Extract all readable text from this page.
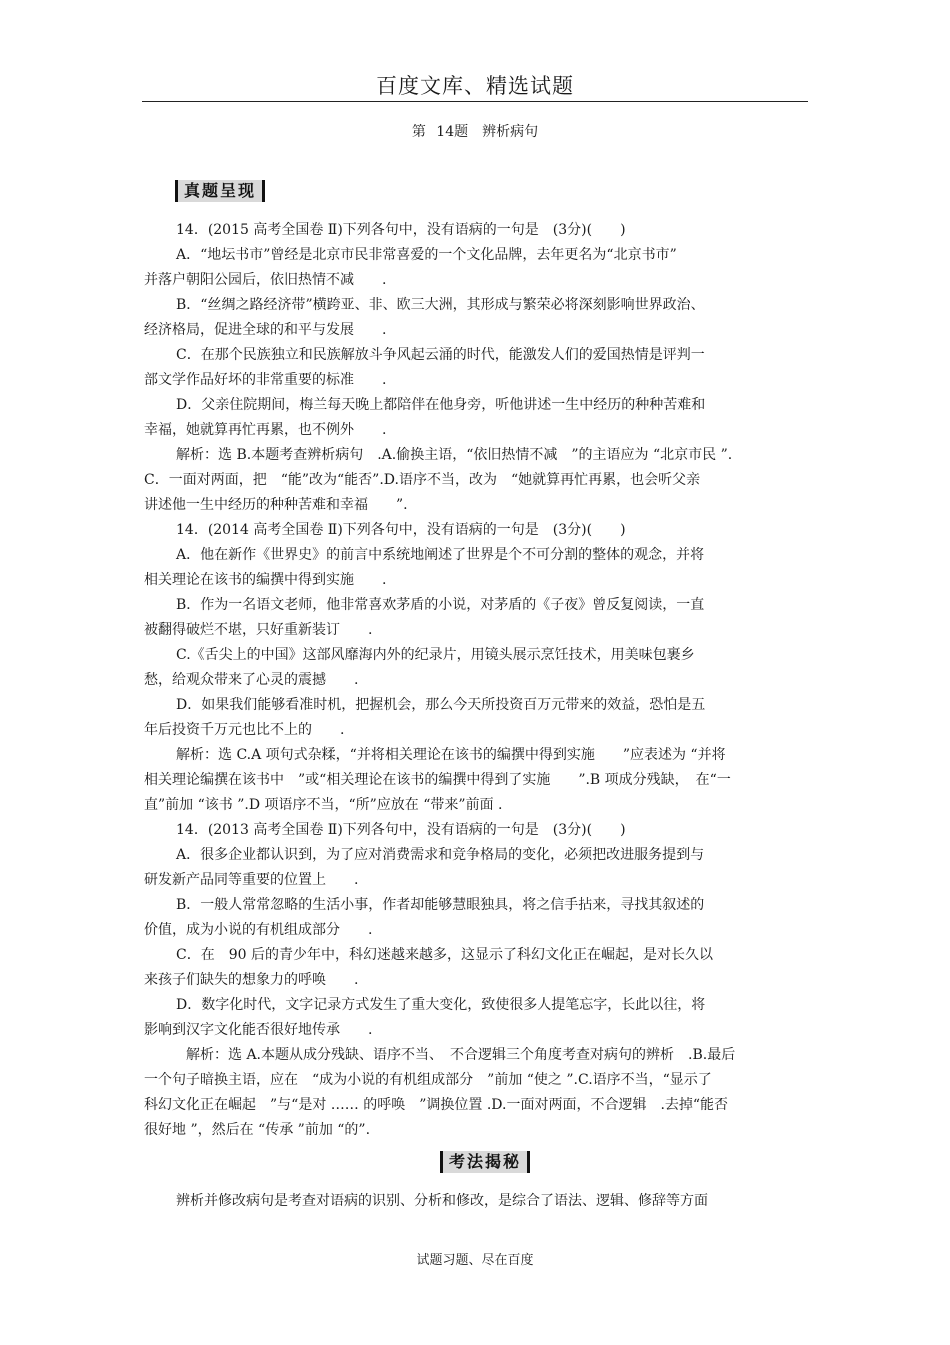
百度文库、精选试题
第 14题　辨析病句
真题呈现

14．(2015 高考全国卷 Ⅱ)下列各句中，没有语病的一句是　(3分)(　　)

A．“地坛书市”曾经是北京市民非常喜爱的一个文化品牌，去年更名为“北京书市”

并落户朝阳公园后，依旧热情不减　　.

B．“丝绸之路经济带”横跨亚、非、欧三大洲，其形成与繁荣必将深刻影响世界政治、

经济格局，促进全球的和平与发展　　.

C．在那个民族独立和民族解放斗争风起云涌的时代，能激发人们的爱国热情是评判一

部文学作品好坏的非常重要的标准　　.

D．父亲住院期间，梅兰每天晚上都陪伴在他身旁，听他讲述一生中经历的种种苦难和

幸福，她就算再忙再累，也不例外　　.

解析：选 B.本题考查辨析病句　.A.偷换主语，“依旧热情不减　”的主语应为 “北京市民 ”.

C．一面对两面，把　“能”改为“能否”.D.语序不当，改为　“她就算再忙再累，也会听父亲

讲述他一生中经历的种种苦难和幸福　　”.

14．(2014 高考全国卷 Ⅱ)下列各句中，没有语病的一句是　(3分)(　　)

A．他在新作《世界史》的前言中系统地阐述了世界是个不可分割的整体的观念，并将

相关理论在该书的编撰中得到实施　　.

B．作为一名语文老师，他非常喜欢茅盾的小说，对茅盾的《子夜》曾反复阅读，一直

被翻得破烂不堪，只好重新装订　　.

C.《舌尖上的中国》这部风靡海内外的纪录片，用镜头展示烹饪技术，用美味包裹乡

愁，给观众带来了心灵的震撼　　.

D．如果我们能够看准时机，把握机会，那么今天所投资百万元带来的效益，恐怕是五

年后投资千万元也比不上的　　.

解析：选 C.A 项句式杂糅，“并将相关理论在该书的编撰中得到实施　　”应表述为 “并将

相关理论编撰在该书中　”或“相关理论在该书的编撰中得到了实施　　”.B 项成分残缺，　在“一

直”前加 “该书 ”.D 项语序不当，“所”应放在 “带来”前面 .

14．(2013 高考全国卷 Ⅱ)下列各句中，没有语病的一句是　(3分)(　　)

A．很多企业都认识到，为了应对消费需求和竞争格局的变化，必须把改进服务提到与

研发新产品同等重要的位置上　　.

B．一般人常常忽略的生活小事，作者却能够慧眼独具，将之信手拈来，寻找其叙述的

价值，成为小说的有机组成部分　　.

C．在　90 后的青少年中，科幻迷越来越多，这显示了科幻文化正在崛起，是对长久以

来孩子们缺失的想象力的呼唤　　.

D．数字化时代，文字记录方式发生了重大变化，致使很多人提笔忘字，长此以往，将

影响到汉字文化能否很好地传承　　.

解析：选 A.本题从成分残缺、语序不当、　不合逻辑三个角度考查对病句的辨析　.B.最后

一个句子暗换主语，应在　“成为小说的有机组成部分　”前加 “使之 ”.C.语序不当，“显示了

科幻文化正在崛起　”与“是对 …… 的呼唤　”调换位置 .D.一面对两面，不合逻辑　.去掉“能否

很好地 ”，然后在 “传承 ”前加 “的”.

考法揭秘
辨析并修改病句是考查对语病的识别、分析和修改，是综合了语法、逻辑、修辞等方面
试题习题、尽在百度
